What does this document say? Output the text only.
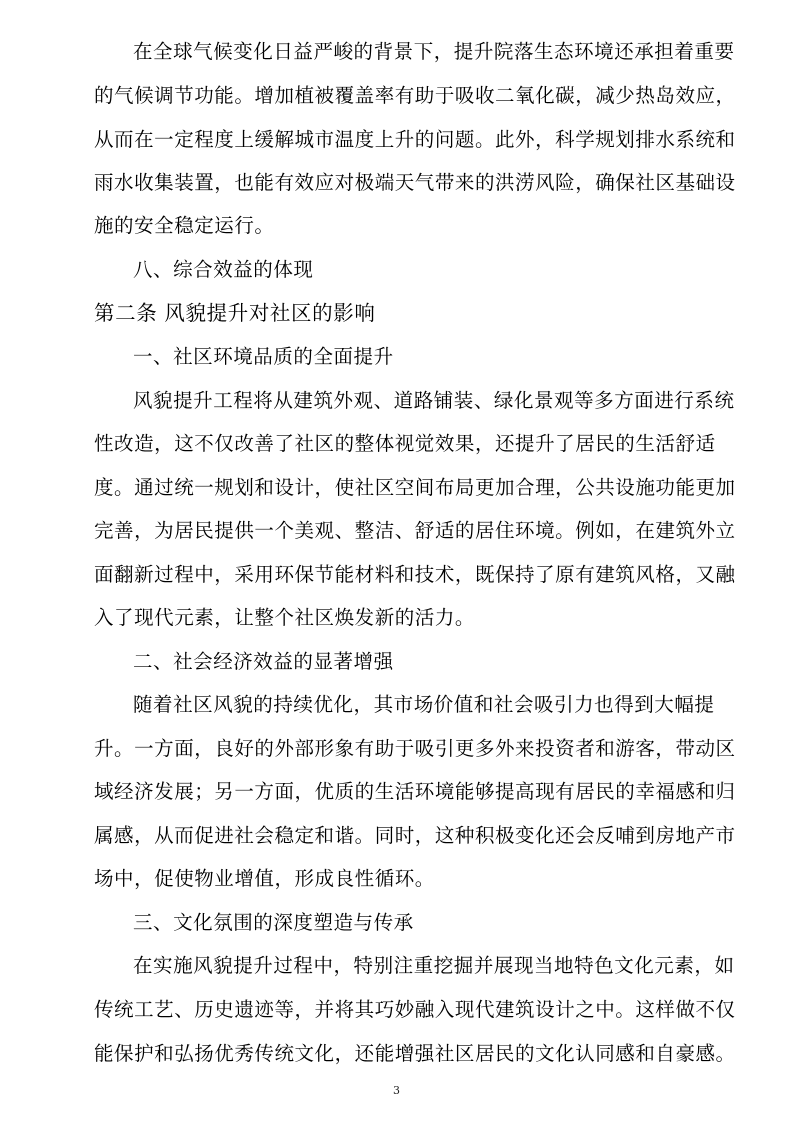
在全球气候变化日益严峻的背景下，提升院落生态环境还承担着重要
的气候调节功能。增加植被覆盖率有助于吸收二氧化碳，减少热岛效应，
从而在一定程度上缓解城市温度上升的问题。此外，科学规划排水系统和
雨水收集装置，也能有效应对极端天气带来的洪涝风险，确保社区基础设
施的安全稳定运行。
八、综合效益的体现
第二条 风貌提升对社区的影响
一、社区环境品质的全面提升
风貌提升工程将从建筑外观、道路铺装、绿化景观等多方面进行系统
性改造，这不仅改善了社区的整体视觉效果，还提升了居民的生活舒适
度。通过统一规划和设计，使社区空间布局更加合理，公共设施功能更加
完善，为居民提供一个美观、整洁、舒适的居住环境。例如，在建筑外立
面翻新过程中，采用环保节能材料和技术，既保持了原有建筑风格，又融
入了现代元素，让整个社区焕发新的活力。
二、社会经济效益的显著增强
随着社区风貌的持续优化，其市场价值和社会吸引力也得到大幅提
升。一方面，良好的外部形象有助于吸引更多外来投资者和游客，带动区
域经济发展；另一方面，优质的生活环境能够提高现有居民的幸福感和归
属感，从而促进社会稳定和谐。同时，这种积极变化还会反哺到房地产市
场中，促使物业增值，形成良性循环。
三、文化氛围的深度塑造与传承
在实施风貌提升过程中，特别注重挖掘并展现当地特色文化元素，如
传统工艺、历史遗迹等，并将其巧妙融入现代建筑设计之中。这样做不仅
能保护和弘扬优秀传统文化，还能增强社区居民的文化认同感和自豪感。
3
